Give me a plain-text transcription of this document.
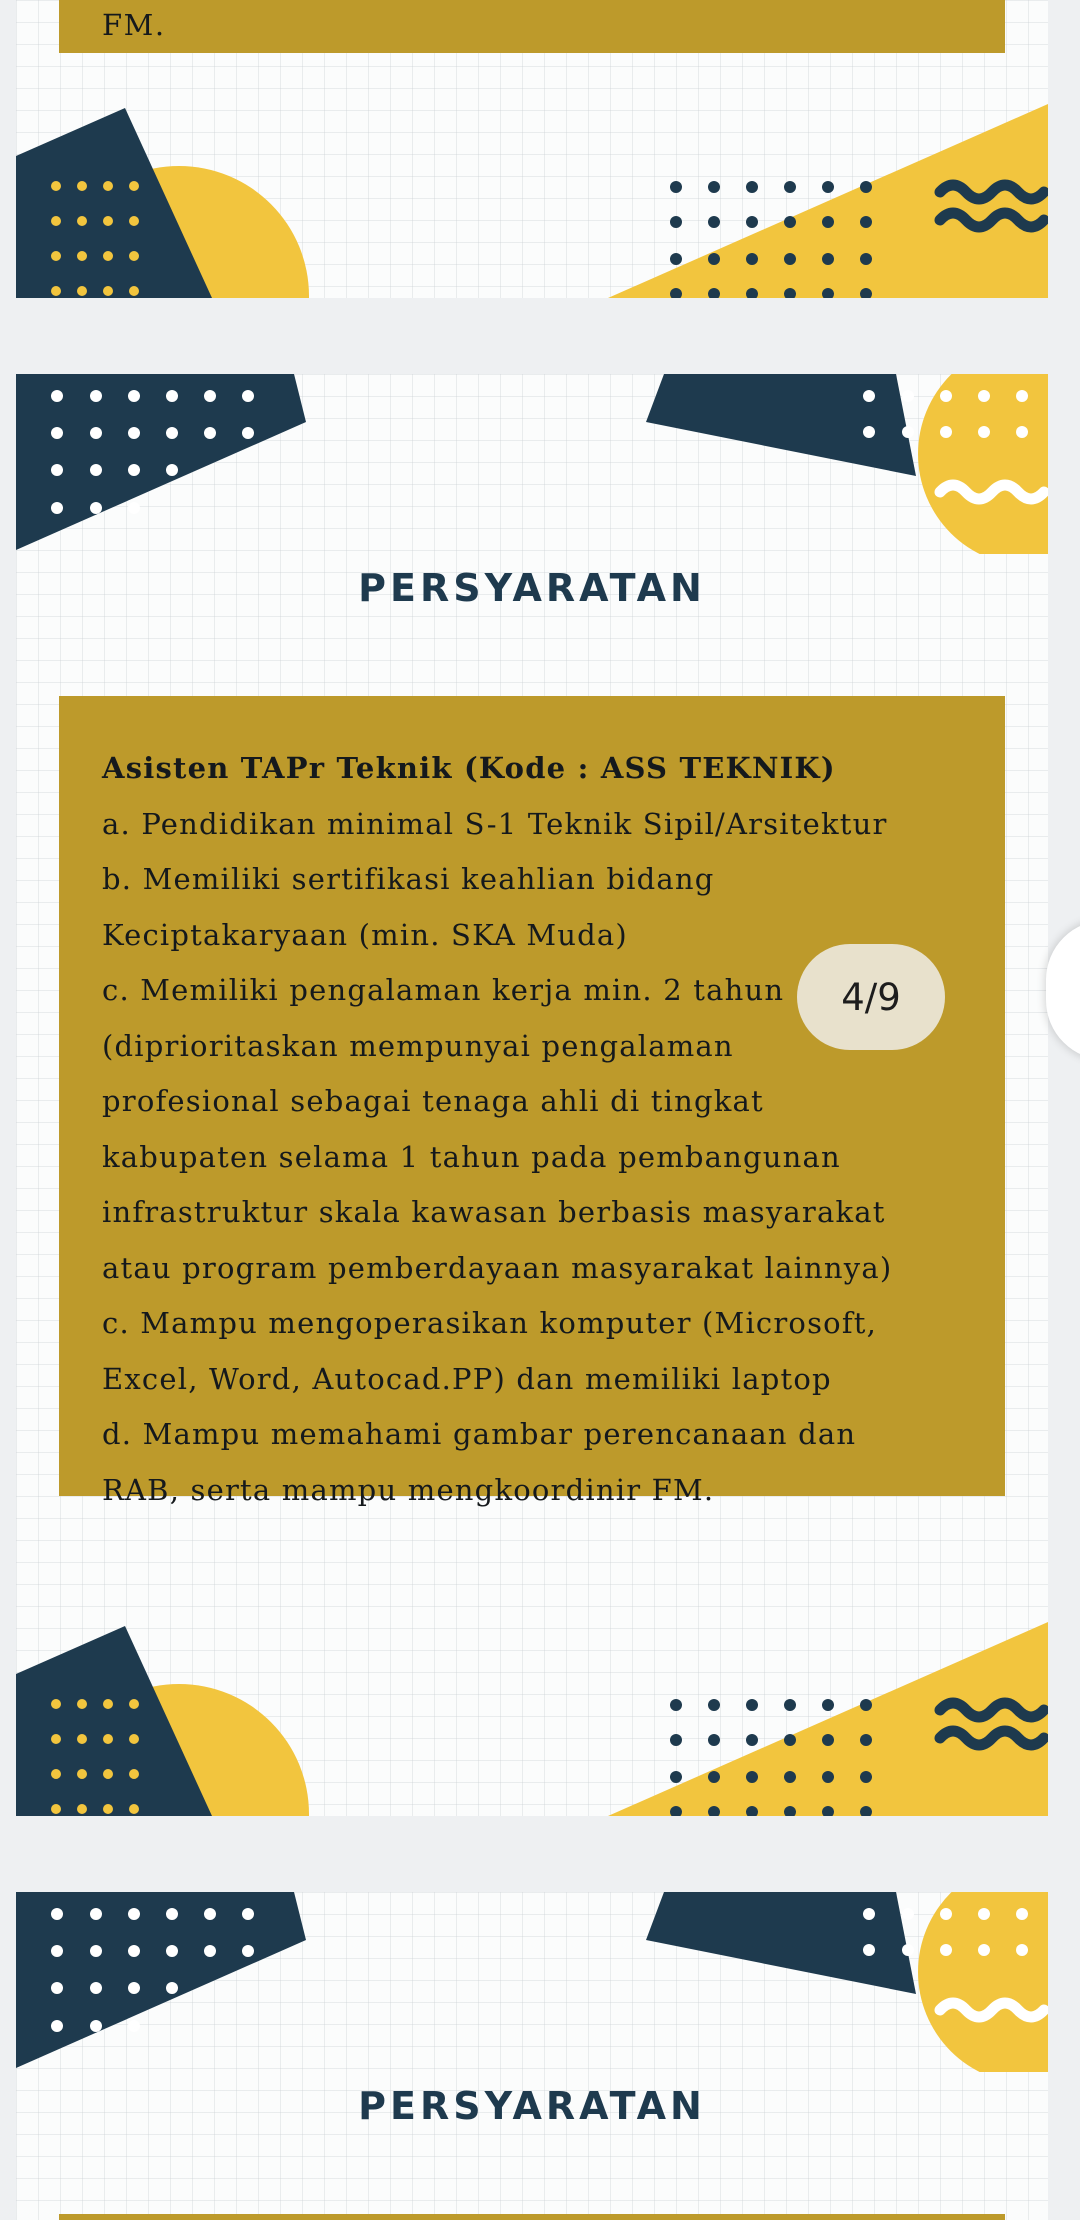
FM.
PERSYARATAN
Asisten TAPr Teknik (Kode : ASS TEKNIK)
a. Pendidikan minimal S-1 Teknik Sipil/Arsitektur
b. Memiliki sertifikasi keahlian bidang
Keciptakaryaan (min. SKA Muda)
c. Memiliki pengalaman kerja min. 2 tahun
(diprioritaskan mempunyai pengalaman
profesional sebagai tenaga ahli di tingkat
kabupaten selama 1 tahun pada pembangunan
infrastruktur skala kawasan berbasis masyarakat
atau program pemberdayaan masyarakat lainnya)
c. Mampu mengoperasikan komputer (Microsoft,
Excel, Word, Autocad.PP) dan memiliki laptop
d. Mampu memahami gambar perencanaan dan
RAB, serta mampu mengkoordinir FM.
PERSYARATAN
4/9
